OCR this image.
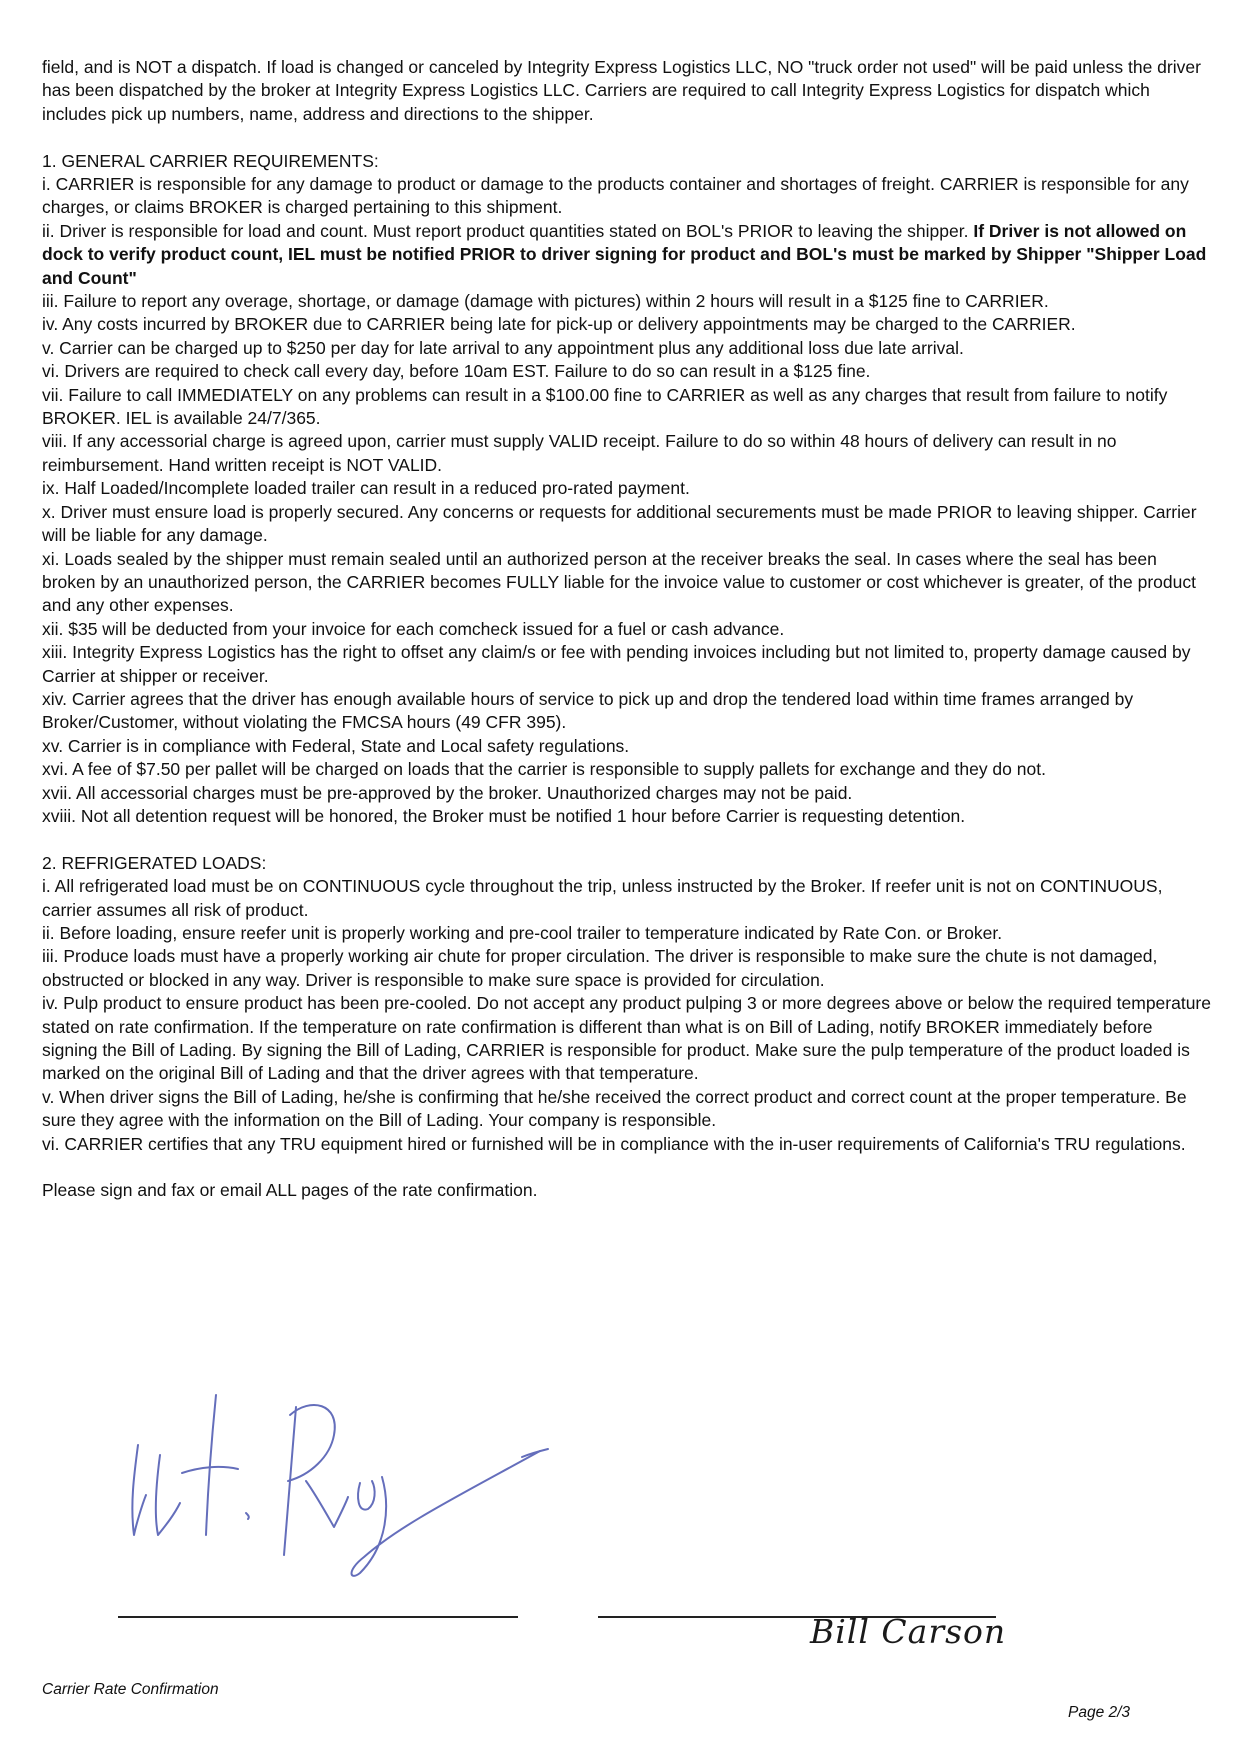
field, and is NOT a dispatch. If load is changed or canceled by Integrity Express Logistics LLC, NO "truck order not used" will be paid unless the driver has been dispatched by the broker at Integrity Express Logistics LLC. Carriers are required to call Integrity Express Logistics for dispatch which includes pick up numbers, name, address and directions to the shipper.

1. GENERAL CARRIER REQUIREMENTS:

i. CARRIER is responsible for any damage to product or damage to the products container and shortages of freight. CARRIER is responsible for any charges, or claims BROKER is charged pertaining to this shipment.

ii. Driver is responsible for load and count. Must report product quantities stated on BOL's PRIOR to leaving the shipper. If Driver is not allowed on dock to verify product count, IEL must be notified PRIOR to driver signing for product and BOL's must be marked by Shipper "Shipper Load and Count"

iii. Failure to report any overage, shortage, or damage (damage with pictures) within 2 hours will result in a $125 fine to CARRIER.

iv. Any costs incurred by BROKER due to CARRIER being late for pick-up or delivery appointments may be charged to the CARRIER.

v. Carrier can be charged up to $250 per day for late arrival to any appointment plus any additional loss due late arrival.

vi. Drivers are required to check call every day, before 10am EST. Failure to do so can result in a $125 fine.

vii. Failure to call IMMEDIATELY on any problems can result in a $100.00 fine to CARRIER as well as any charges that result from failure to notify BROKER. IEL is available 24/7/365.

viii. If any accessorial charge is agreed upon, carrier must supply VALID receipt. Failure to do so within 48 hours of delivery can result in no reimbursement. Hand written receipt is NOT VALID.

ix. Half Loaded/Incomplete loaded trailer can result in a reduced pro-rated payment.

x. Driver must ensure load is properly secured. Any concerns or requests for additional securements must be made PRIOR to leaving shipper. Carrier will be liable for any damage.

xi. Loads sealed by the shipper must remain sealed until an authorized person at the receiver breaks the seal. In cases where the seal has been broken by an unauthorized person, the CARRIER becomes FULLY liable for the invoice value to customer or cost whichever is greater, of the product and any other expenses.

xii. $35 will be deducted from your invoice for each comcheck issued for a fuel or cash advance.

xiii. Integrity Express Logistics has the right to offset any claim/s or fee with pending invoices including but not limited to, property damage caused by Carrier at shipper or receiver.

xiv. Carrier agrees that the driver has enough available hours of service to pick up and drop the tendered load within time frames arranged by Broker/Customer, without violating the FMCSA hours (49 CFR 395).

xv. Carrier is in compliance with Federal, State and Local safety regulations.

xvi. A fee of $7.50 per pallet will be charged on loads that the carrier is responsible to supply pallets for exchange and they do not.

xvii. All accessorial charges must be pre-approved by the broker. Unauthorized charges may not be paid.

xviii. Not all detention request will be honored, the Broker must be notified 1 hour before Carrier is requesting detention.

2. REFRIGERATED LOADS:

i. All refrigerated load must be on CONTINUOUS cycle throughout the trip, unless instructed by the Broker. If reefer unit is not on CONTINUOUS, carrier assumes all risk of product.

ii. Before loading, ensure reefer unit is properly working and pre-cool trailer to temperature indicated by Rate Con. or Broker.

iii. Produce loads must have a properly working air chute for proper circulation. The driver is responsible to make sure the chute is not damaged, obstructed or blocked in any way. Driver is responsible to make sure space is provided for circulation.

iv. Pulp product to ensure product has been pre-cooled. Do not accept any product pulping 3 or more degrees above or below the required temperature stated on rate confirmation. If the temperature on rate confirmation is different than what is on Bill of Lading, notify BROKER immediately before signing the Bill of Lading. By signing the Bill of Lading, CARRIER is responsible for product. Make sure the pulp temperature of the product loaded is marked on the original Bill of Lading and that the driver agrees with that temperature.

v. When driver signs the Bill of Lading, he/she is confirming that he/she received the correct product and correct count at the proper temperature. Be sure they agree with the information on the Bill of Lading. Your company is responsible.

vi. CARRIER certifies that any TRU equipment hired or furnished will be in compliance with the in-user requirements of California's TRU regulations.

Please sign and fax or email ALL pages of the rate confirmation.

Bill Carson
Carrier Rate Confirmation
Page 2/3
